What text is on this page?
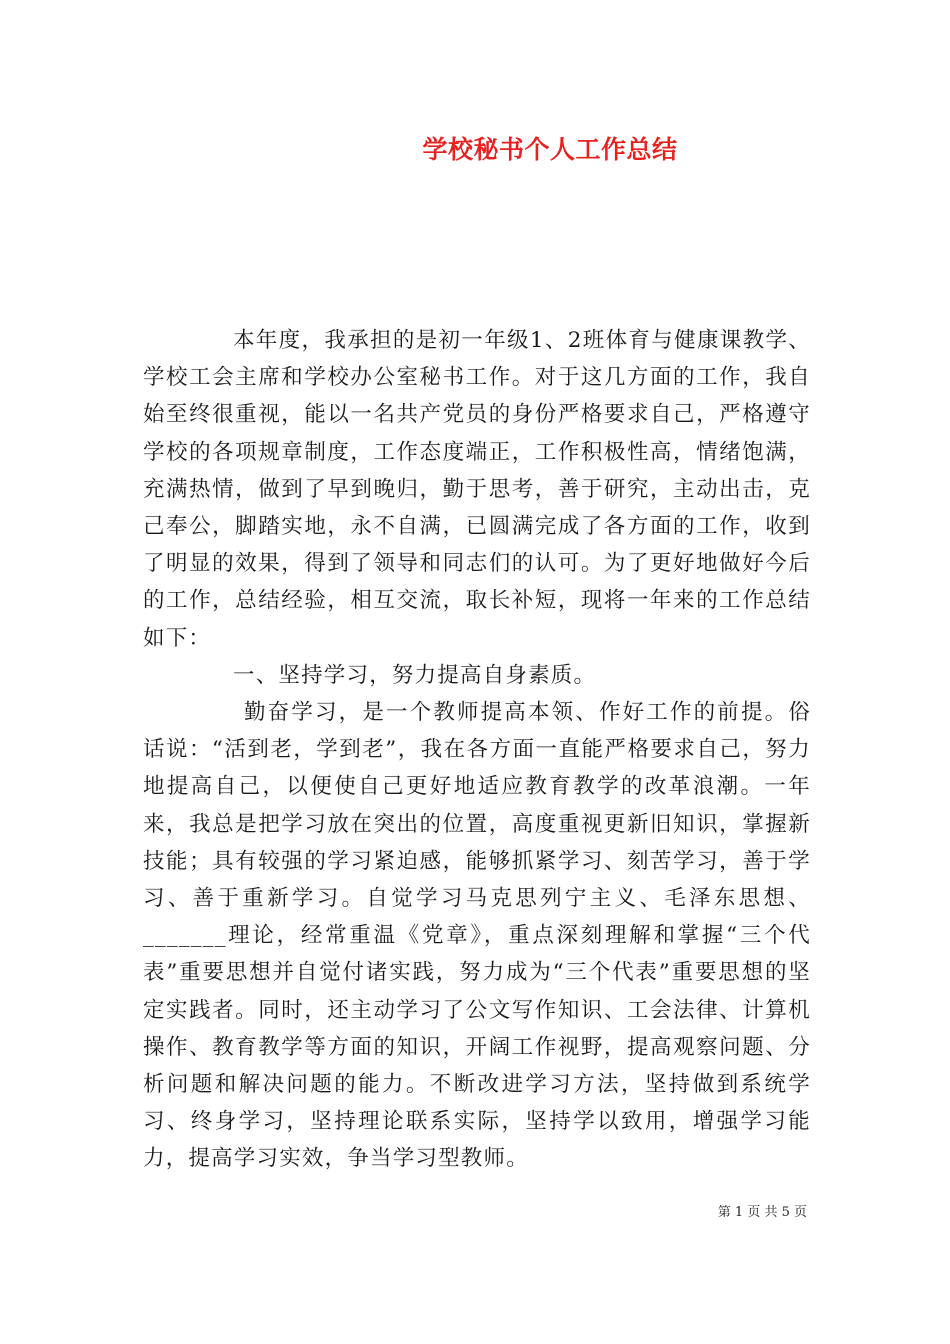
学校秘书个人工作总结

本年度，我承担的是初一年级1、2班体育与健康课教学、学校工会主席和学校办公室秘书工作。对于这几方面的工作，我自始至终很重视，能以一名共产党员的身份严格要求自己，严格遵守学校的各项规章制度，工作态度端正，工作积极性高，情绪饱满，充满热情，做到了早到晚归，勤于思考，善于研究，主动出击，克己奉公，脚踏实地，永不自满，已圆满完成了各方面的工作，收到了明显的效果，得到了领导和同志们的认可。为了更好地做好今后的工作，总结经验，相互交流，取长补短，现将一年来的工作总结如下：

一、坚持学习，努力提高自身素质。

勤奋学习，是一个教师提高本领、作好工作的前提。俗话说：“活到老，学到老”，我在各方面一直能严格要求自己，努力地提高自己，以便使自己更好地适应教育教学的改革浪潮。一年来，我总是把学习放在突出的位置，高度重视更新旧知识，掌握新技能；具有较强的学习紧迫感，能够抓紧学习、刻苦学习，善于学习、善于重新学习。自觉学习马克思列宁主义、毛泽东思想、_______理论，经常重温《党章》，重点深刻理解和掌握“三个代表”重要思想并自觉付诸实践，努力成为“三个代表”重要思想的坚定实践者。同时，还主动学习了公文写作知识、工会法律、计算机操作、教育教学等方面的知识，开阔工作视野，提高观察问题、分析问题和解决问题的能力。不断改进学习方法，坚持做到系统学习、终身学习，坚持理论联系实际，坚持学以致用，增强学习能力，提高学习实效，争当学习型教师。

第 1 页 共 5 页
